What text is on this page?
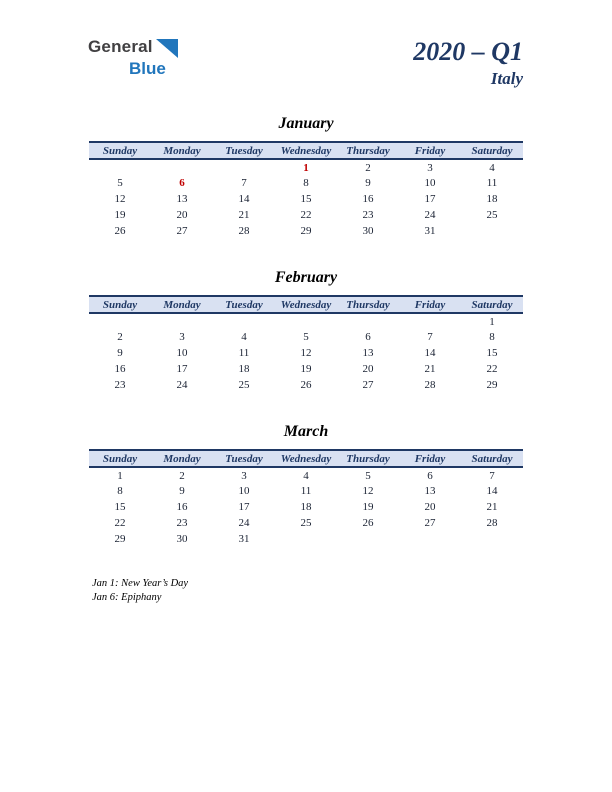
General
Blue
2020 – Q1
Italy
January
Sunday	Monday	Tuesday	Wednesday	Thursday	Friday	Saturday
			1	2	3	4
5	6	7	8	9	10	11
12	13	14	15	16	17	18
19	20	21	22	23	24	25
26	27	28	29	30	31	
February
Sunday	Monday	Tuesday	Wednesday	Thursday	Friday	Saturday
						1
2	3	4	5	6	7	8
9	10	11	12	13	14	15
16	17	18	19	20	21	22
23	24	25	26	27	28	29
March
Sunday	Monday	Tuesday	Wednesday	Thursday	Friday	Saturday
1	2	3	4	5	6	7
8	9	10	11	12	13	14
15	16	17	18	19	20	21
22	23	24	25	26	27	28
29	30	31				
Jan 1: New Year’s Day
Jan 6: Epiphany
